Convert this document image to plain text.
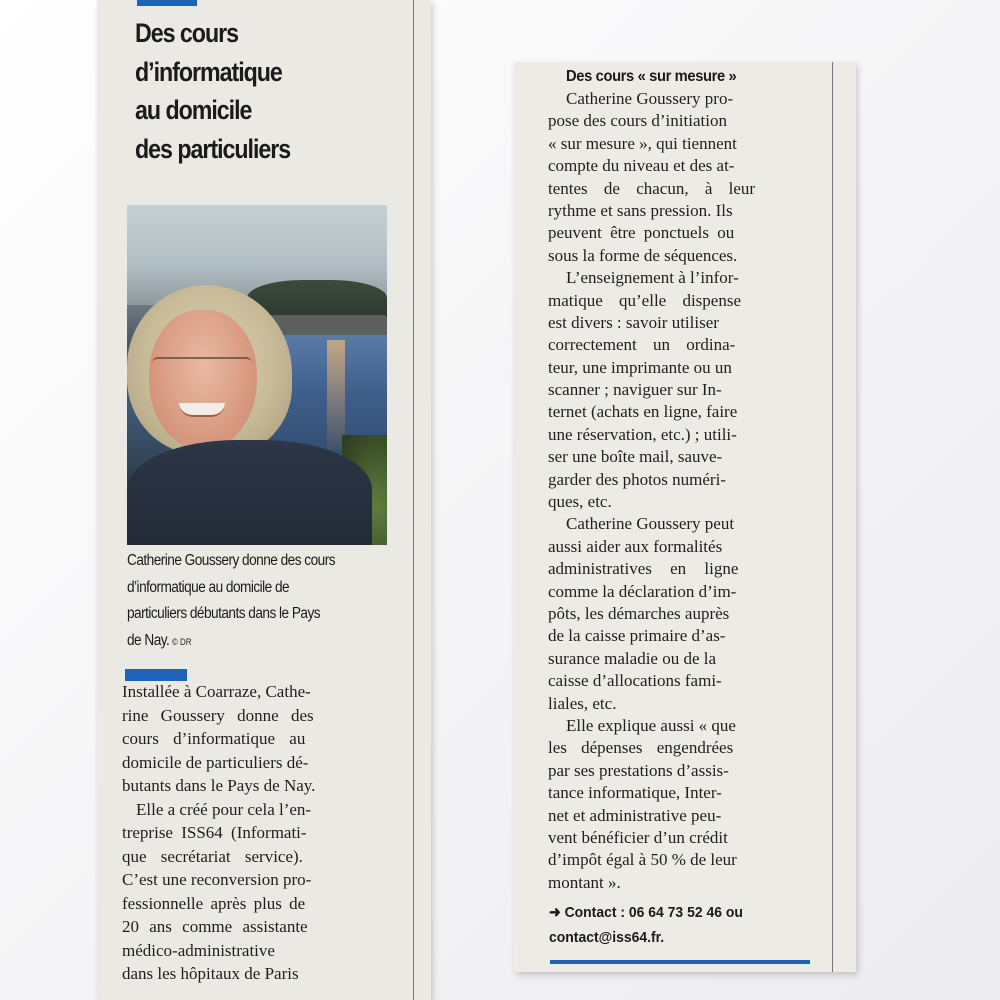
Des cours
d’informatique
au domicile
des particuliers
Catherine Goussery donne des cours
d’informatique au domicile de
particuliers débutants dans le Pays
de Nay. © DR
Installée à Coarraze, Cathe-
rine Goussery donne des
cours d’informatique au
domicile de particuliers dé-
butants dans le Pays de Nay.
Elle a créé pour cela l’en-
treprise ISS64 (Informati-
que secrétariat service).
C’est une reconversion pro-
fessionnelle après plus de
20 ans comme assistante
médico-administrative
dans les hôpitaux de Paris
Des cours « sur mesure »
Catherine Goussery pro-
pose des cours d’initiation
« sur mesure », qui tiennent
compte du niveau et des at-
tentes de chacun, à leur
rythme et sans pression. Ils
peuvent être ponctuels ou
sous la forme de séquences.
L’enseignement à l’infor-
matique qu’elle dispense
est divers : savoir utiliser
correctement un ordina-
teur, une imprimante ou un
scanner ; naviguer sur In-
ternet (achats en ligne, faire
une réservation, etc.) ; utili-
ser une boîte mail, sauve-
garder des photos numéri-
ques, etc.
Catherine Goussery peut
aussi aider aux formalités
administratives en ligne
comme la déclaration d’im-
pôts, les démarches auprès
de la caisse primaire d’as-
surance maladie ou de la
caisse d’allocations fami-
liales, etc.
Elle explique aussi « que
les dépenses engendrées
par ses prestations d’assis-
tance informatique, Inter-
net et administrative peu-
vent bénéficier d’un crédit
d’impôt égal à 50 % de leur
montant ».
➜ Contact : 06 64 73 52 46 ou
contact@iss64.fr.
